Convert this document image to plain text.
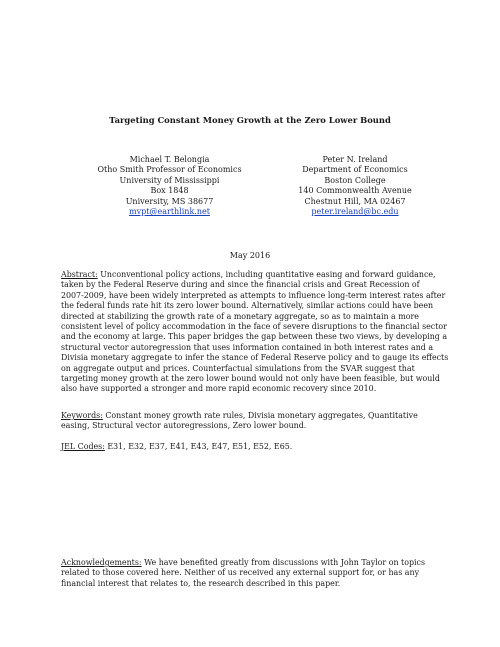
Targeting Constant Money Growth at the Zero Lower Bound
Michael T. Belongia
Otho Smith Professor of Economics
University of Mississippi
Box 1848
University, MS 38677
mvpt@earthlink.net
Peter N. Ireland
Department of Economics
Boston College
140 Commonwealth Avenue
Chestnut Hill, MA 02467
peter.ireland@bc.edu
May 2016
Abstract: Unconventional policy actions, including quantitative easing and forward guidance,
taken by the Federal Reserve during and since the financial crisis and Great Recession of
2007-2009, have been widely interpreted as attempts to influence long-term interest rates after
the federal funds rate hit its zero lower bound. Alternatively, similar actions could have been
directed at stabilizing the growth rate of a monetary aggregate, so as to maintain a more
consistent level of policy accommodation in the face of severe disruptions to the financial sector
and the economy at large. This paper bridges the gap between these two views, by developing a
structural vector autoregression that uses information contained in both interest rates and a
Divisia monetary aggregate to infer the stance of Federal Reserve policy and to gauge its effects
on aggregate output and prices. Counterfactual simulations from the SVAR suggest that
targeting money growth at the zero lower bound would not only have been feasible, but would
also have supported a stronger and more rapid economic recovery since 2010.
Keywords: Constant money growth rate rules, Divisia monetary aggregates, Quantitative
easing, Structural vector autoregressions, Zero lower bound.
JEL Codes: E31, E32, E37, E41, E43, E47, E51, E52, E65.
Acknowledgements: We have benefited greatly from discussions with John Taylor on topics
related to those covered here. Neither of us received any external support for, or has any
financial interest that relates to, the research described in this paper.
